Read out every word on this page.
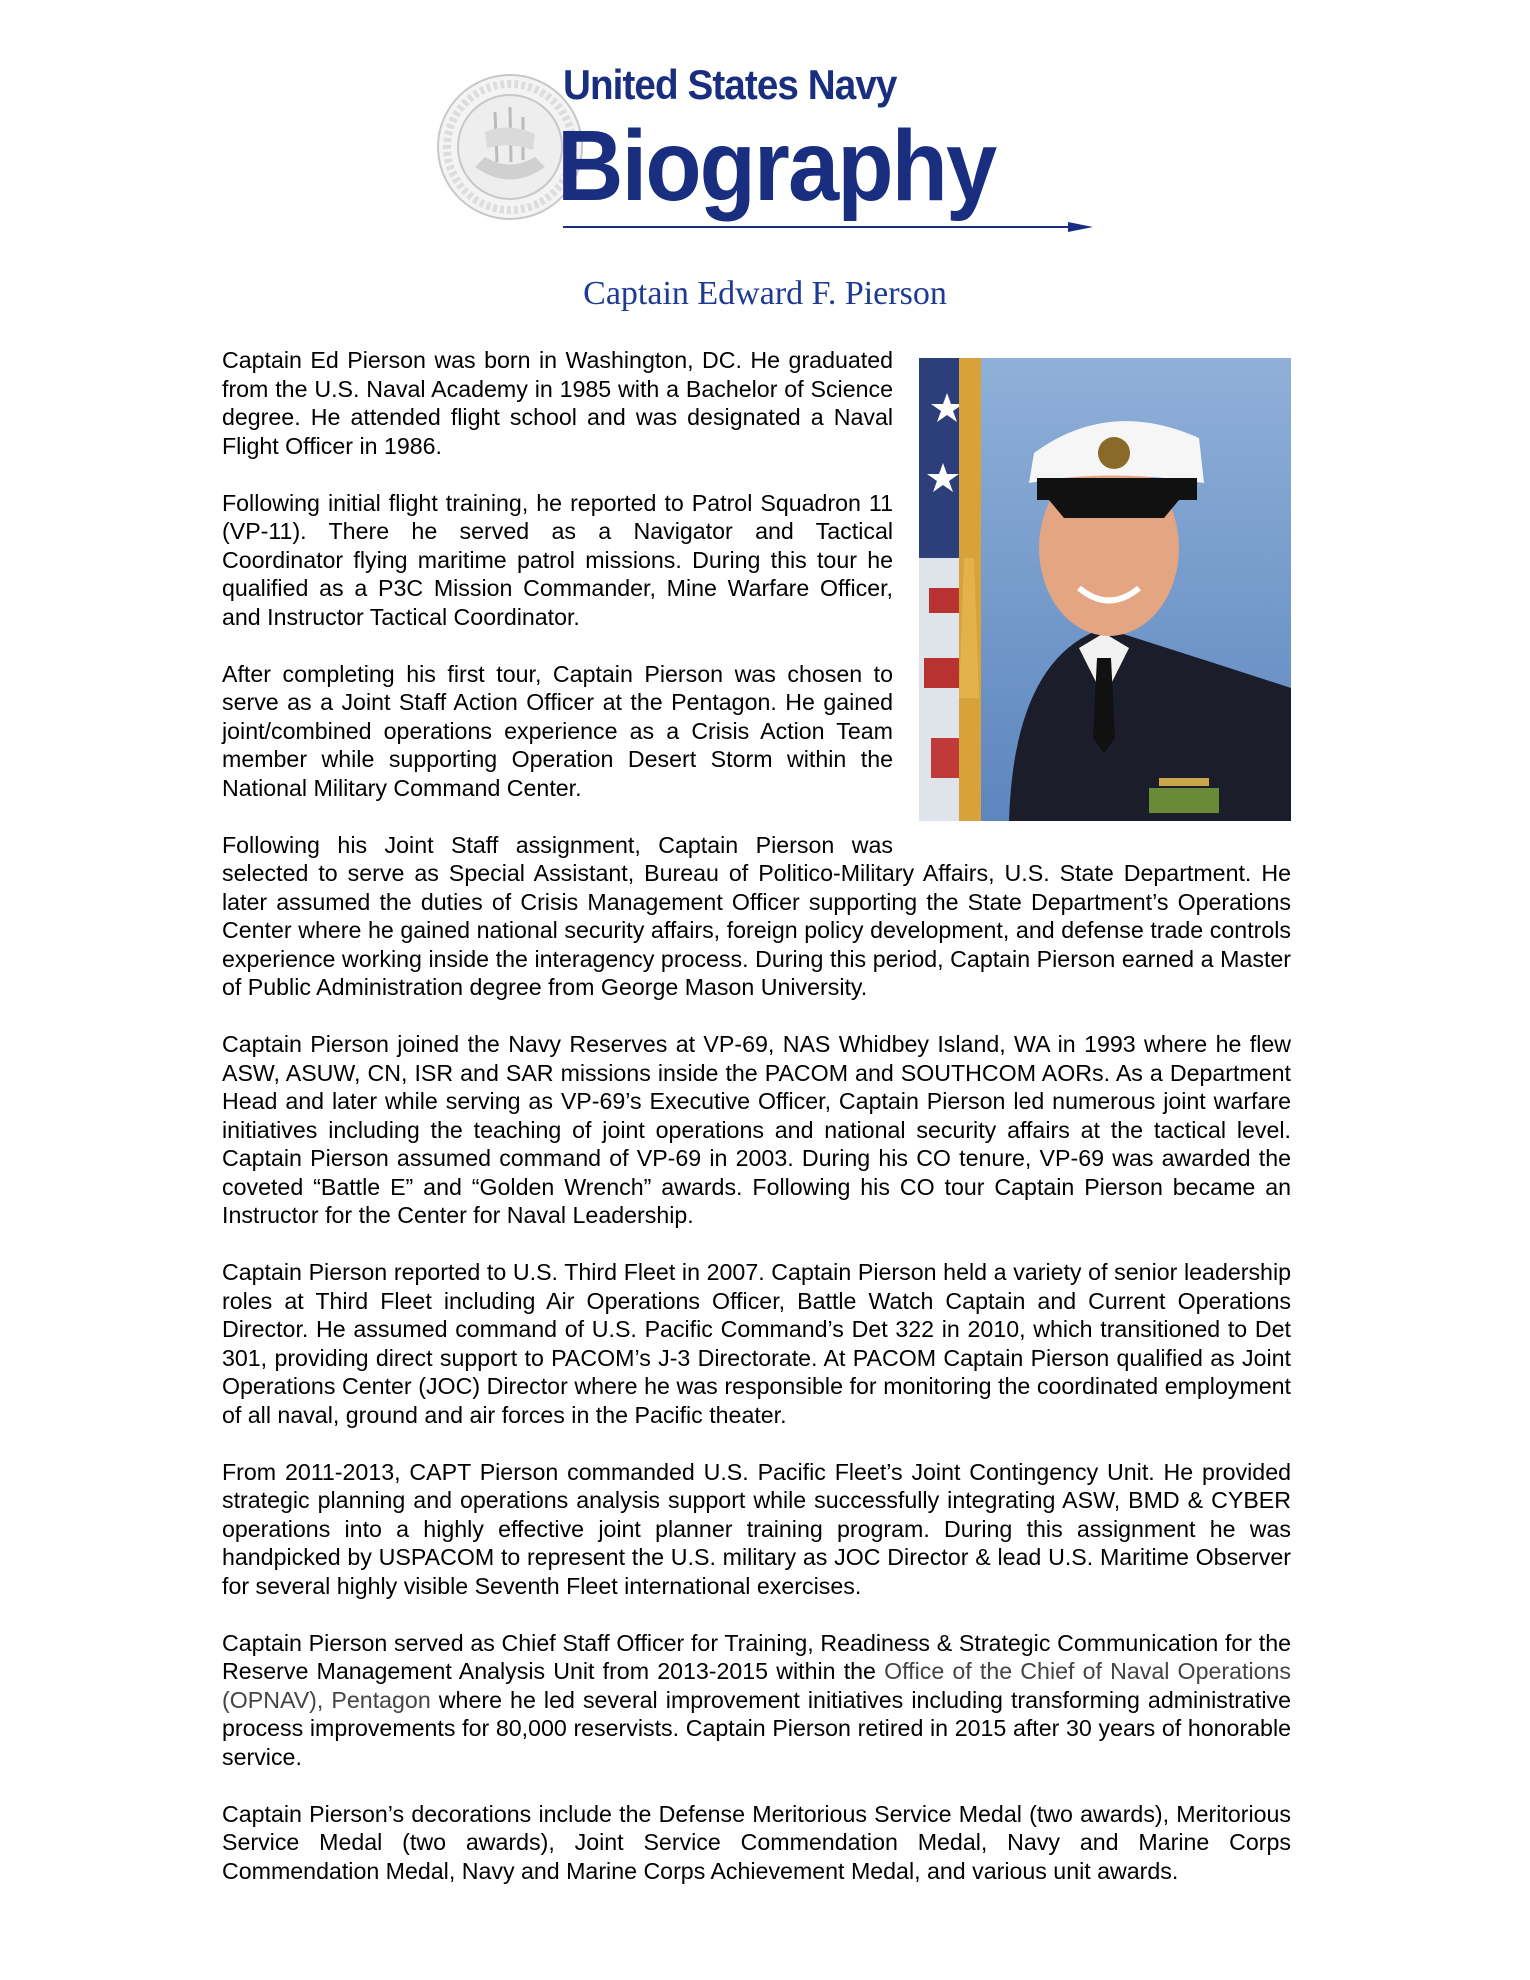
United States Navy
Biography
Captain Edward F. Pierson

Captain Ed Pierson was born in Washington, DC. He graduated from the U.S. Naval Academy in 1985 with a Bachelor of Science degree. He attended flight school and was designated a Naval Flight Officer in 1986.

Following initial flight training, he reported to Patrol Squadron 11 (VP-11). There he served as a Navigator and Tactical Coordinator flying maritime patrol missions. During this tour he qualified as a P3C Mission Commander, Mine Warfare Officer, and Instructor Tactical Coordinator.

After completing his first tour, Captain Pierson was chosen to serve as a Joint Staff Action Officer at the Pentagon. He gained joint/combined operations experience as a Crisis Action Team member while supporting Operation Desert Storm within the National Military Command Center.

Following his Joint Staff assignment, Captain Pierson was selected to serve as Special Assistant, Bureau of Politico-Military Affairs, U.S. State Department. He later assumed the duties of Crisis Management Officer supporting the State Department’s Operations Center where he gained national security affairs, foreign policy development, and defense trade controls experience working inside the interagency process. During this period, Captain Pierson earned a Master of Public Administration degree from George Mason University.

Captain Pierson joined the Navy Reserves at VP-69, NAS Whidbey Island, WA in 1993 where he flew ASW, ASUW, CN, ISR and SAR missions inside the PACOM and SOUTHCOM AORs. As a Department Head and later while serving as VP-69’s Executive Officer, Captain Pierson led numerous joint warfare initiatives including the teaching of joint operations and national security affairs at the tactical level. Captain Pierson assumed command of VP-69 in 2003. During his CO tenure, VP-69 was awarded the coveted “Battle E” and “Golden Wrench” awards. Following his CO tour Captain Pierson became an Instructor for the Center for Naval Leadership.

Captain Pierson reported to U.S. Third Fleet in 2007. Captain Pierson held a variety of senior leadership roles at Third Fleet including Air Operations Officer, Battle Watch Captain and Current Operations Director. He assumed command of U.S. Pacific Command’s Det 322 in 2010, which transitioned to Det 301, providing direct support to PACOM’s J-3 Directorate. At PACOM Captain Pierson qualified as Joint Operations Center (JOC) Director where he was responsible for monitoring the coordinated employment of all naval, ground and air forces in the Pacific theater.

From 2011-2013, CAPT Pierson commanded U.S. Pacific Fleet’s Joint Contingency Unit. He provided strategic planning and operations analysis support while successfully integrating ASW, BMD & CYBER operations into a highly effective joint planner training program. During this assignment he was handpicked by USPACOM to represent the U.S. military as JOC Director & lead U.S. Maritime Observer for several highly visible Seventh Fleet international exercises.

Captain Pierson served as Chief Staff Officer for Training, Readiness & Strategic Communication for the Reserve Management Analysis Unit from 2013-2015 within the Office of the Chief of Naval Operations (OPNAV), Pentagon where he led several improvement initiatives including transforming administrative process improvements for 80,000 reservists. Captain Pierson retired in 2015 after 30 years of honorable service.

Captain Pierson’s decorations include the Defense Meritorious Service Medal (two awards), Meritorious Service Medal (two awards), Joint Service Commendation Medal, Navy and Marine Corps Commendation Medal, Navy and Marine Corps Achievement Medal, and various unit awards.
